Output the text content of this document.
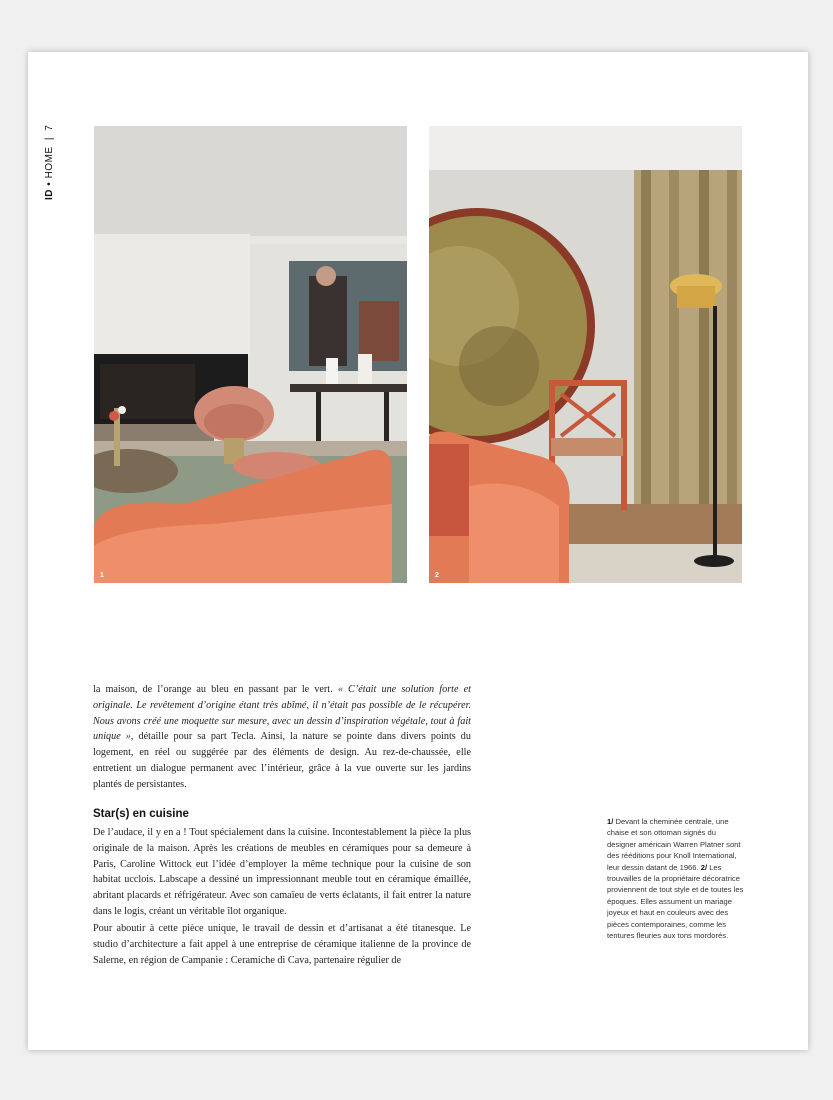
ID • HOME | 7
1	2

la maison, de l’orange au bleu en passant par le vert. « C’était une solution forte et originale. Le revêtement d’origine étant très abîmé, il n’était pas possible de le récupérer. Nous avons créé une moquette sur mesure, avec un dessin d’inspiration végétale, tout à fait unique », détaille pour sa part Tecla. Ainsi, la nature se pointe dans divers points du logement, en réel ou suggérée par des éléments de design. Au rez-de-chaussée, elle entretient un dialogue permanent avec l’intérieur, grâce à la vue ouverte sur les jardins plantés de persistantes.

Star(s) en cuisine

De l’audace, il y en a ! Tout spécialement dans la cuisine. Incontestablement la pièce la plus originale de la maison. Après les créations de meubles en céramiques pour sa demeure à Paris, Caroline Wittock eut l’idée d’employer la même technique pour la cuisine de son habitat ucclois. Labscape a dessiné un impressionnant meuble tout en céramique émaillée, abritant placards et réfrigérateur. Avec son camaïeu de verts éclatants, il fait entrer la nature dans le logis, créant un véritable îlot organique.

Pour aboutir à cette pièce unique, le travail de dessin et d’artisanat a été titanesque. Le studio d’architecture a fait appel à une entreprise de céramique italienne de la province de Salerne, en région de Campanie : Ceramiche di Cava, partenaire régulier de

1/ Devant la cheminée centrale, une chaise et son ottoman signés du designer américain Warren Platner sont des rééditions pour Knoll International, leur dessin datant de 1966. 2/ Les trouvailles de la propriétaire décoratrice proviennent de tout style et de toutes les époques. Elles assument un mariage joyeux et haut en couleurs avec des pièces contemporaines, comme les tentures fleuries aux tons mordorés.
